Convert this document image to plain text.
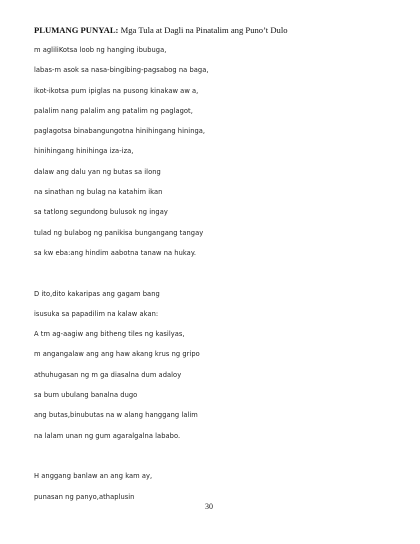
PLUMANG PUNYAL: Mga Tula at Dagli na Pinatalim ang Puno’t Dulo
m agliliKotsa loob ng hanging ibubuga,
labas-m asok sa nasa-bingibing-pagsabog na baga,
ikot-ikotsa pum ipiglas na pusong kinakaw aw a,
palalim nang palalim ang patalim ng paglagot,
paglagotsa binabangungotna hinihingang hininga,
hinihingang hinihinga iza-iza,
dalaw ang dalu yan ng butas sa ilong
na sinathan ng bulag na katahim ikan
sa tatlong segundong bulusok ng ingay
tulad ng bulabog ng panikisa bungangang tangay
sa kw eba:ang hindim aabotna tanaw na hukay.
D ito,dito kakaripas ang gagam bang
isusuka sa papadilim na kalaw akan:
A tm ag-aagiw ang bitheng tiles ng kasilyas,
m angangalaw ang ang haw akang krus ng gripo
athuhugasan ng m ga diasalna dum adaloy
sa bum ubulang banalna dugo
ang butas,binubutas na w alang hanggang lalim
na lalam unan ng gum agaralgalna lababo.
H anggang banlaw an ang kam ay,
punasan ng panyo,athaplusin
30
